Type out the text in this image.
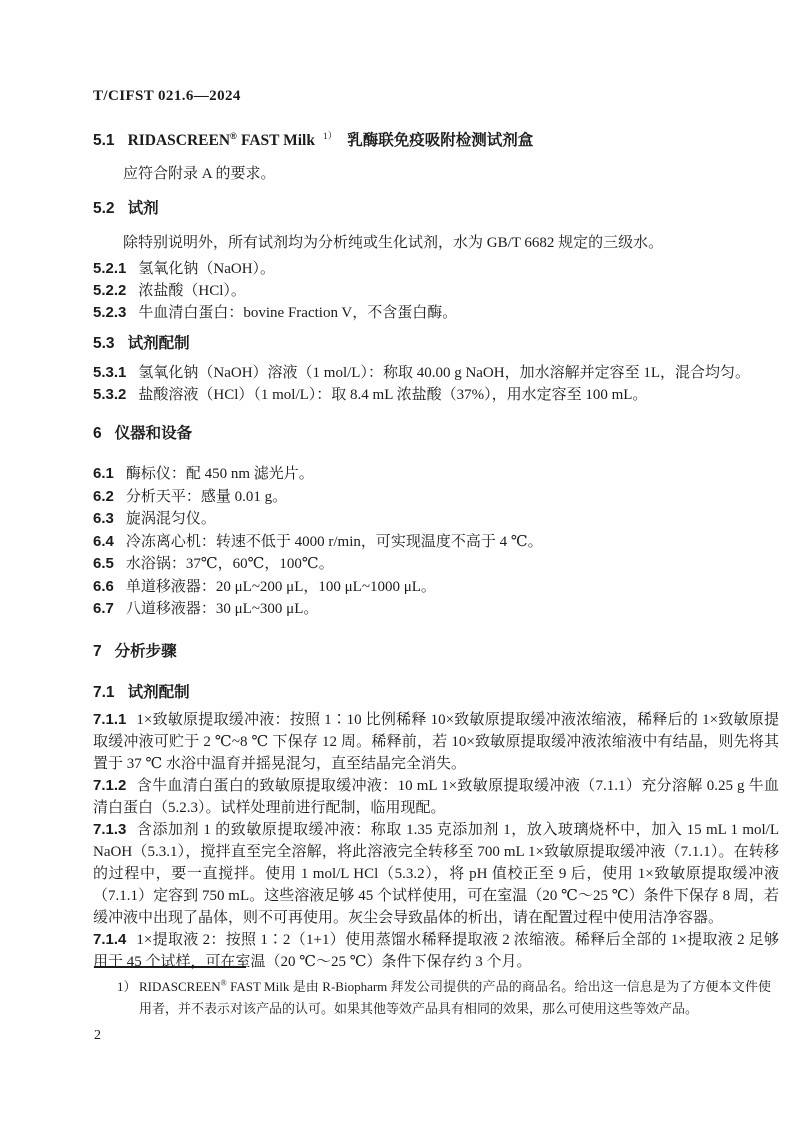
T/CIFST 021.6—2024
5.1 RIDASCREEN® FAST Milk $^{1)}$ 乳酶联免疫吸附检测试剂盒

应符合附录 A 的要求。

5.2 试剂

除特别说明外，所有试剂均为分析纯或生化试剂，水为 GB/T 6682 规定的三级水。

5.2.1 氢氧化钠（NaOH）。

5.2.2 浓盐酸（HCl）。

5.2.3 牛血清白蛋白：bovine Fraction V，不含蛋白酶。

5.3 试剂配制

5.3.1 氢氧化钠（NaOH）溶液（1 mol/L）：称取 40.00 g NaOH，加水溶解并定容至 1L，混合均匀。

5.3.2 盐酸溶液（HCl）（1 mol/L）：取 8.4 mL 浓盐酸（37%），用水定容至 100 mL。

6 仪器和设备

6.1 酶标仪：配 450 nm 滤光片。

6.2 分析天平：感量 0.01 g。

6.3 旋涡混匀仪。

6.4 冷冻离心机：转速不低于 4000 r/min，可实现温度不高于 4 ℃。

6.5 水浴锅：37℃，60℃，100℃。

6.6 单道移液器：20 μL~200 μL，100 μL~1000 μL。

6.7 八道移液器：30 μL~300 μL。

7 分析步骤
7.1 试剂配制

7.1.1 1×致敏原提取缓冲液：按照 1∶10 比例稀释 10×致敏原提取缓冲液浓缩液，稀释后的 1×致敏原提取缓冲液可贮于 2 ℃~8 ℃ 下保存 12 周。稀释前，若 10×致敏原提取缓冲液浓缩液中有结晶，则先将其置于 37 ℃ 水浴中温育并摇晃混匀，直至结晶完全消失。

7.1.2 含牛血清白蛋白的致敏原提取缓冲液：10 mL 1×致敏原提取缓冲液（7.1.1）充分溶解 0.25 g 牛血清白蛋白（5.2.3）。试样处理前进行配制，临用现配。

7.1.3 含添加剂 1 的致敏原提取缓冲液：称取 1.35 克添加剂 1，放入玻璃烧杯中，加入 15 mL 1 mol/L NaOH（5.3.1），搅拌直至完全溶解，将此溶液完全转移至 700 mL 1×致敏原提取缓冲液（7.1.1）。在转移的过程中，要一直搅拌。使用 1 mol/L HCl（5.3.2），将 pH 值校正至 9 后，使用 1×致敏原提取缓冲液（7.1.1）定容到 750 mL。这些溶液足够 45 个试样使用，可在室温（20 ℃～25 ℃）条件下保存 8 周，若缓冲液中出现了晶体，则不可再使用。灰尘会导致晶体的析出，请在配置过程中使用洁净容器。

7.1.4 1×提取液 2：按照 1∶2（1+1）使用蒸馏水稀释提取液 2 浓缩液。稀释后全部的 1×提取液 2 足够用于 45 个试样，可在室温（20 ℃～25 ℃）条件下保存约 3 个月。

1） RIDASCREEN® FAST Milk 是由 R-Biopharm 拜发公司提供的产品的商品名。给出这一信息是为了方便本文件使用者，并不表示对该产品的认可。如果其他等效产品具有相同的效果，那么可使用这些等效产品。
2
